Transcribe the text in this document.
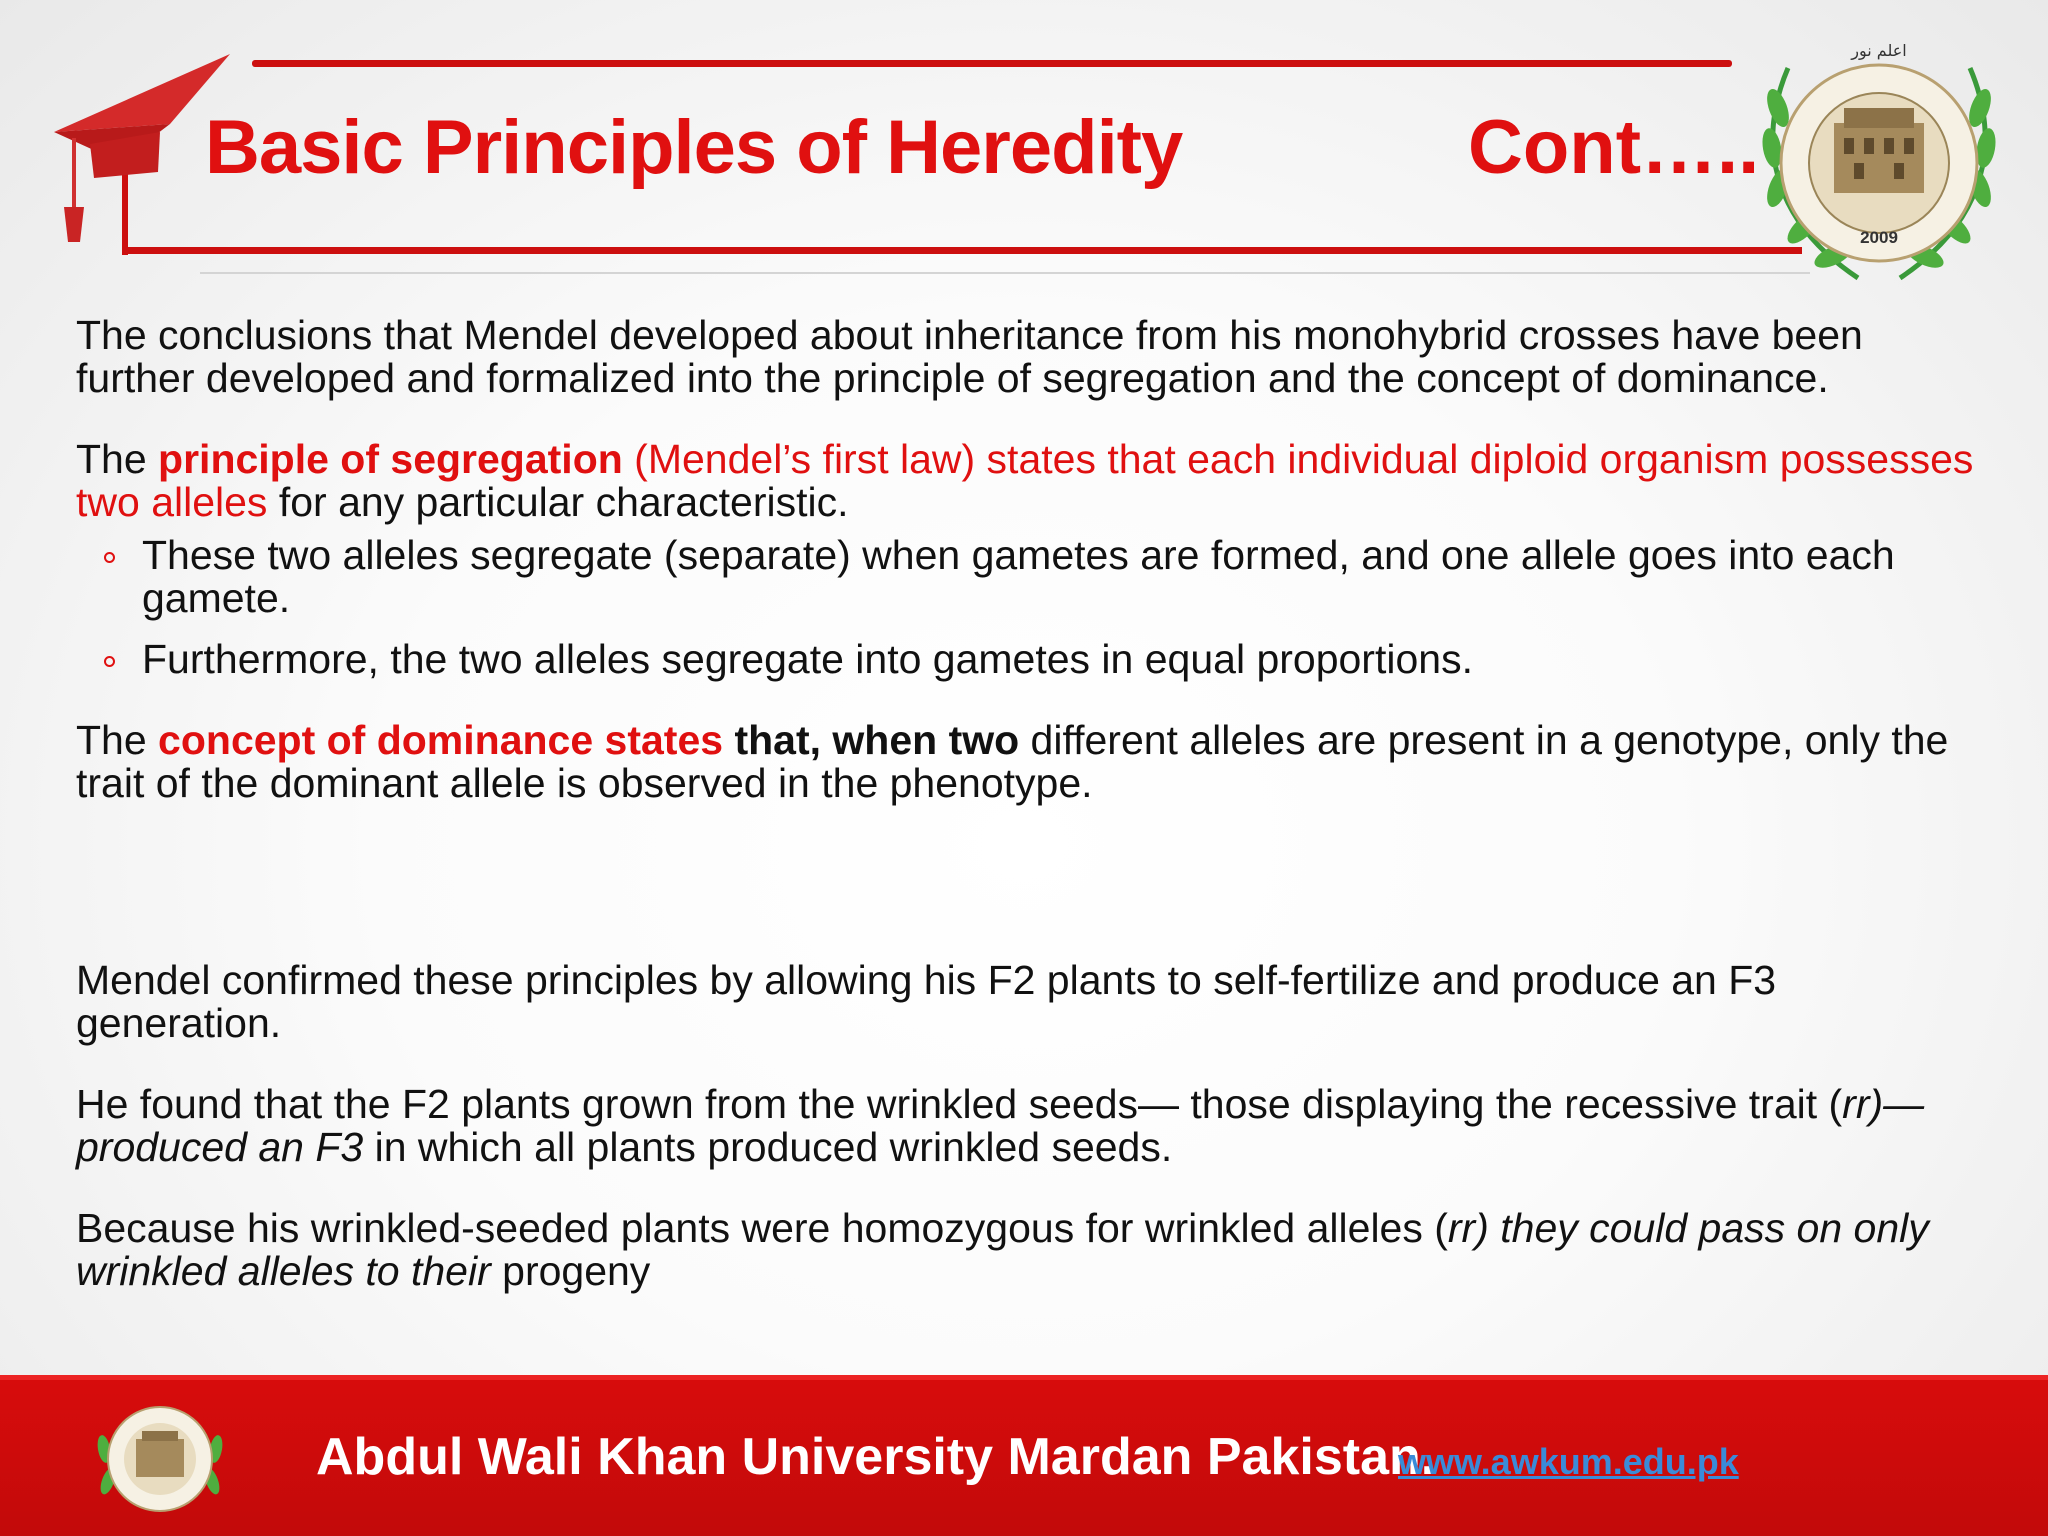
Basic Principles of Heredity	Cont…..
2009
اعلم نور

The conclusions that Mendel developed about inheritance from his monohybrid crosses have been further developed and formalized into the principle of segregation and the concept of dominance.

The principle of segregation (Mendel’s first law) states that each individual diploid organism possesses two alleles for any particular characteristic.

These two alleles segregate (separate) when gametes are formed, and one allele goes into each gamete.
Furthermore, the two alleles segregate into gametes in equal proportions.

The concept of dominance states that, when two different alleles are present in a genotype, only the trait of the dominant allele is observed in the phenotype.

Mendel confirmed these principles by allowing his F2 plants to self-fertilize and produce an F3 generation.

He found that the F2 plants grown from the wrinkled seeds— those displaying the recessive trait (rr)—produced an F3 in which all plants produced wrinkled seeds.

Because his wrinkled-seeded plants were homozygous for wrinkled alleles (rr) they could pass on only wrinkled alleles to their progeny

Abdul Wali Khan University Mardan Pakistan.
www.awkum.edu.pk
